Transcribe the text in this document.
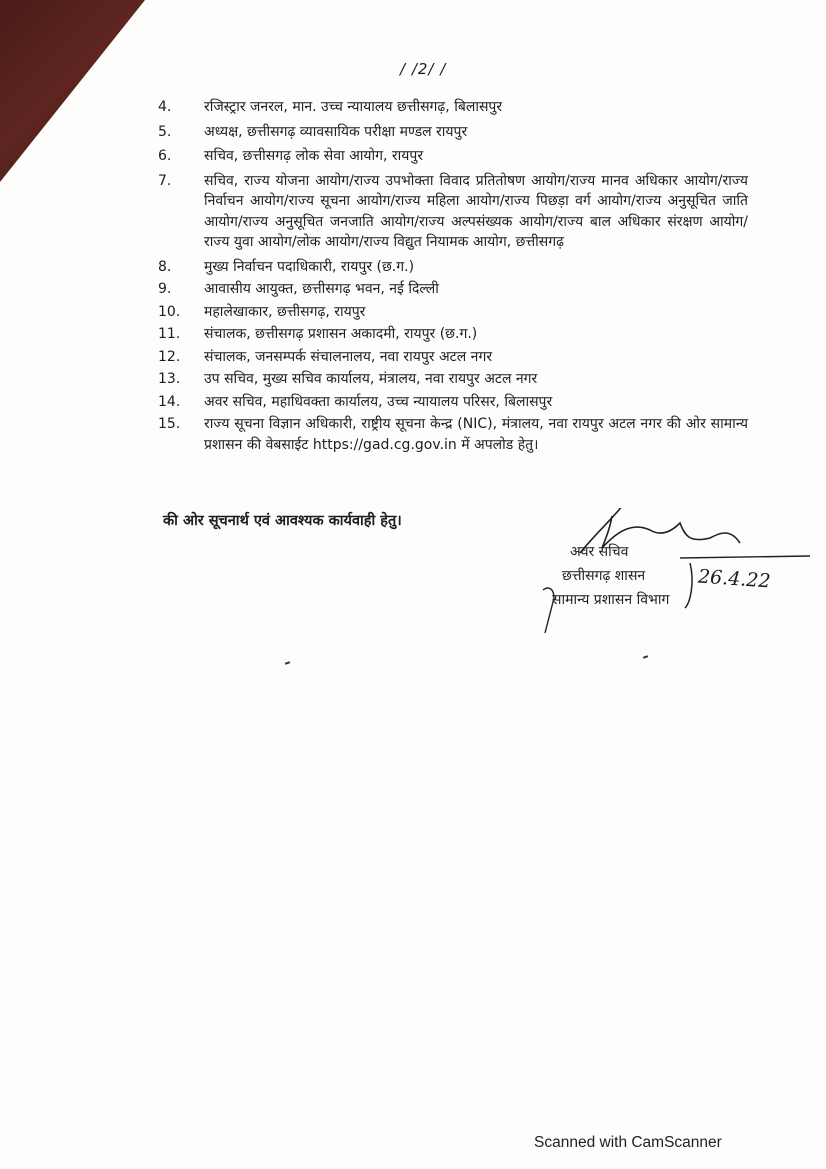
/ /2/ /
4.	रजिस्ट्रार जनरल, मान. उच्च न्यायालय छत्तीसगढ़, बिलासपुर
5.	अध्यक्ष, छत्तीसगढ़ व्यावसायिक परीक्षा मण्डल रायपुर
6.	सचिव, छत्तीसगढ़ लोक सेवा आयोग, रायपुर
7.	सचिव, राज्य योजना आयोग/राज्य उपभोक्ता विवाद प्रतितोषण आयोग/राज्य मानव अधिकार आयोग/राज्य निर्वाचन आयोग/राज्य सूचना आयोग/राज्य महिला आयोग/राज्य पिछड़ा वर्ग आयोग/राज्य अनुसूचित जाति आयोग/राज्य अनुसूचित जनजाति आयोग/राज्य अल्पसंख्यक आयोग/राज्य बाल अधिकार संरक्षण आयोग/राज्य युवा आयोग/लोक आयोग/राज्य विद्युत नियामक आयोग, छत्तीसगढ़
8.	मुख्य निर्वाचन पदाधिकारी, रायपुर (छ.ग.)
9.	आवासीय आयुक्त, छत्तीसगढ़ भवन, नई दिल्ली
10.	महालेखाकार, छत्तीसगढ़, रायपुर
11.	संचालक, छत्तीसगढ़ प्रशासन अकादमी, रायपुर (छ.ग.)
12.	संचालक, जनसम्पर्क संचालनालय, नवा रायपुर अटल नगर
13.	उप सचिव, मुख्य सचिव कार्यालय, मंत्रालय, नवा रायपुर अटल नगर
14.	अवर सचिव, महाधिवक्ता कार्यालय, उच्च न्यायालय परिसर, बिलासपुर
15.	राज्य सूचना विज्ञान अधिकारी, राष्ट्रीय सूचना केन्द्र (NIC), मंत्रालय, नवा रायपुर अटल नगर की ओर सामान्य प्रशासन की वेबसाईट https://gad.cg.gov.in में अपलोड हेतु।
की ओर सूचनार्थ एवं आवश्यक कार्यवाही हेतु।
अवर सचिव
छत्तीसगढ़ शासन
सामान्य प्रशासन विभाग
26.4.22
Scanned with CamScanner
